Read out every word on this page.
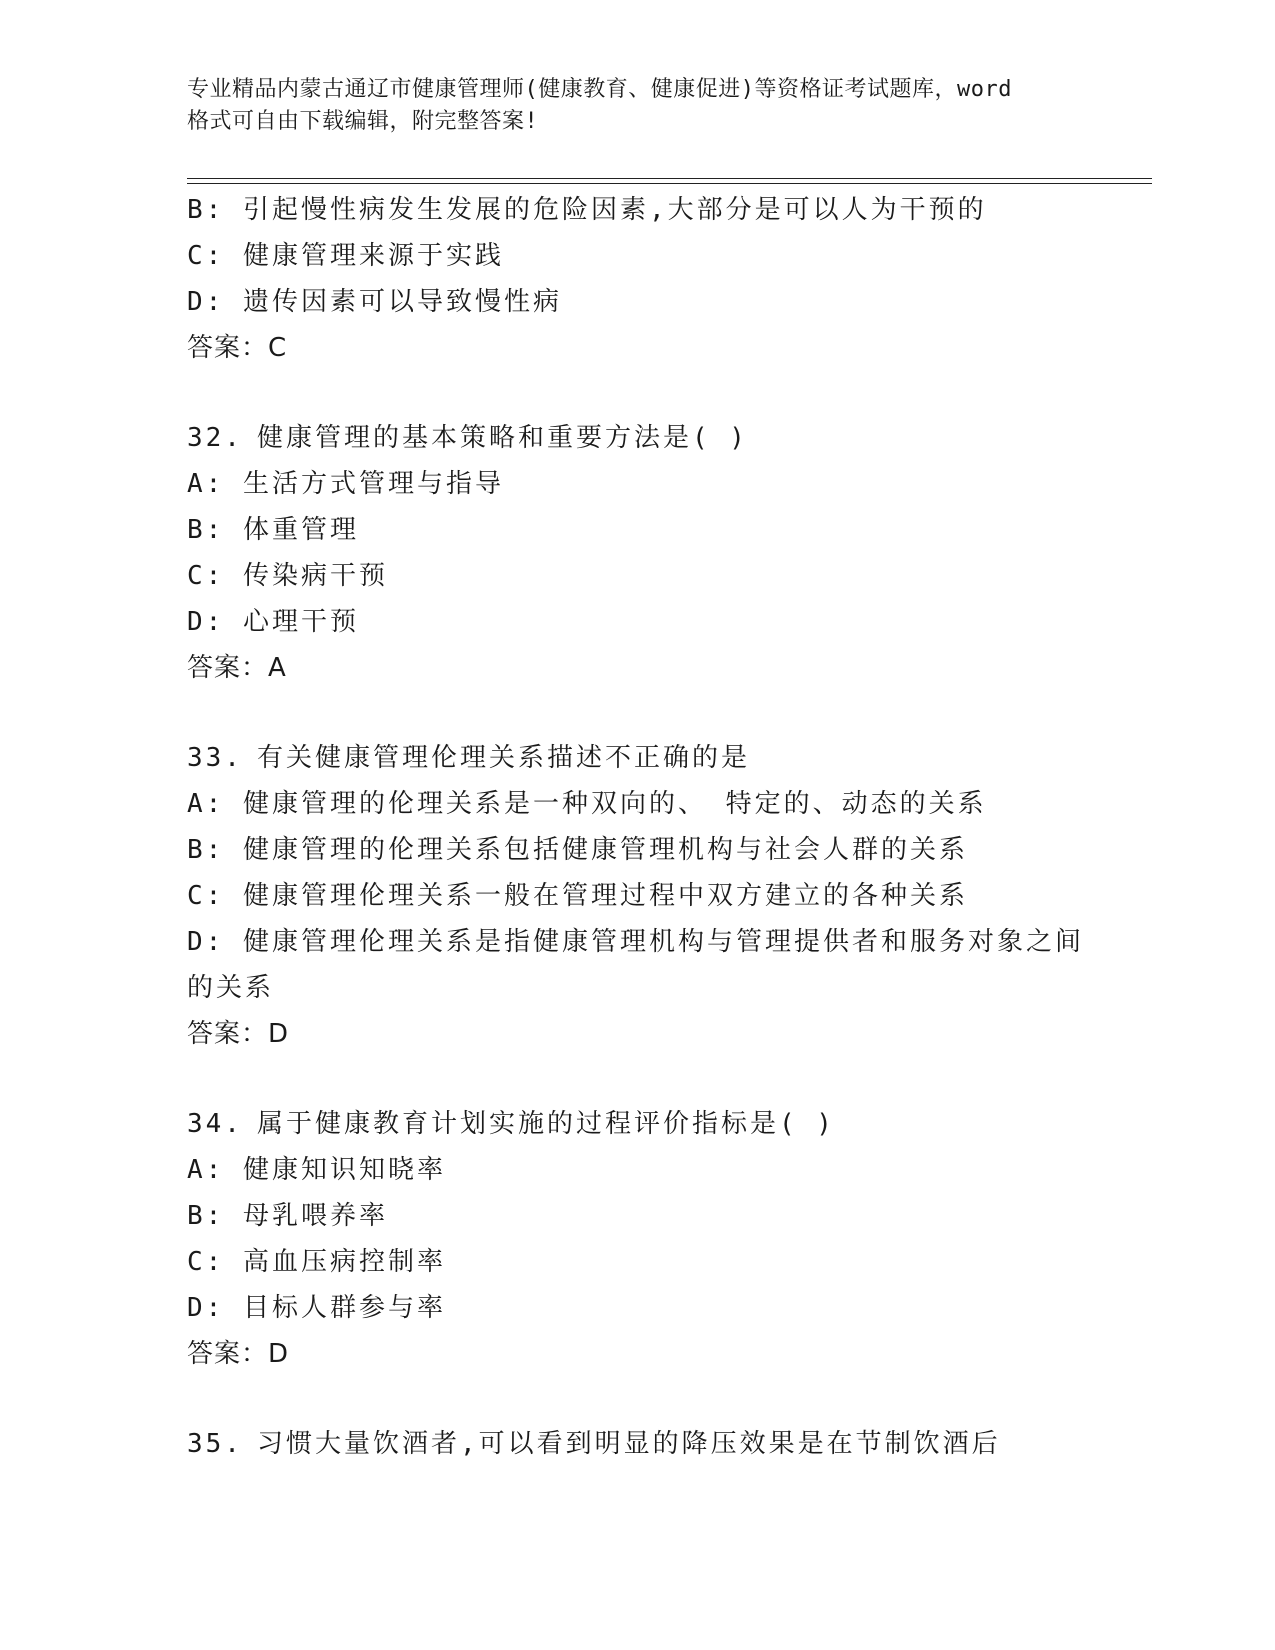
专业精品内蒙古通辽市健康管理师(健康教育、健康促进)等资格证考试题库，word
格式可自由下载编辑，附完整答案!
B: 引起慢性病发生发展的危险因素,大部分是可以人为干预的
C: 健康管理来源于实践
D: 遗传因素可以导致慢性病
答案：C
32. 健康管理的基本策略和重要方法是( )
A: 生活方式管理与指导
B: 体重管理
C: 传染病干预
D: 心理干预
答案：A
33. 有关健康管理伦理关系描述不正确的是
A: 健康管理的伦理关系是一种双向的、 特定的、动态的关系
B: 健康管理的伦理关系包括健康管理机构与社会人群的关系
C: 健康管理伦理关系一般在管理过程中双方建立的各种关系
D: 健康管理伦理关系是指健康管理机构与管理提供者和服务对象之间
的关系
答案：D
34. 属于健康教育计划实施的过程评价指标是( )
A: 健康知识知晓率
B: 母乳喂养率
C: 高血压病控制率
D: 目标人群参与率
答案：D
35. 习惯大量饮酒者,可以看到明显的降压效果是在节制饮酒后
